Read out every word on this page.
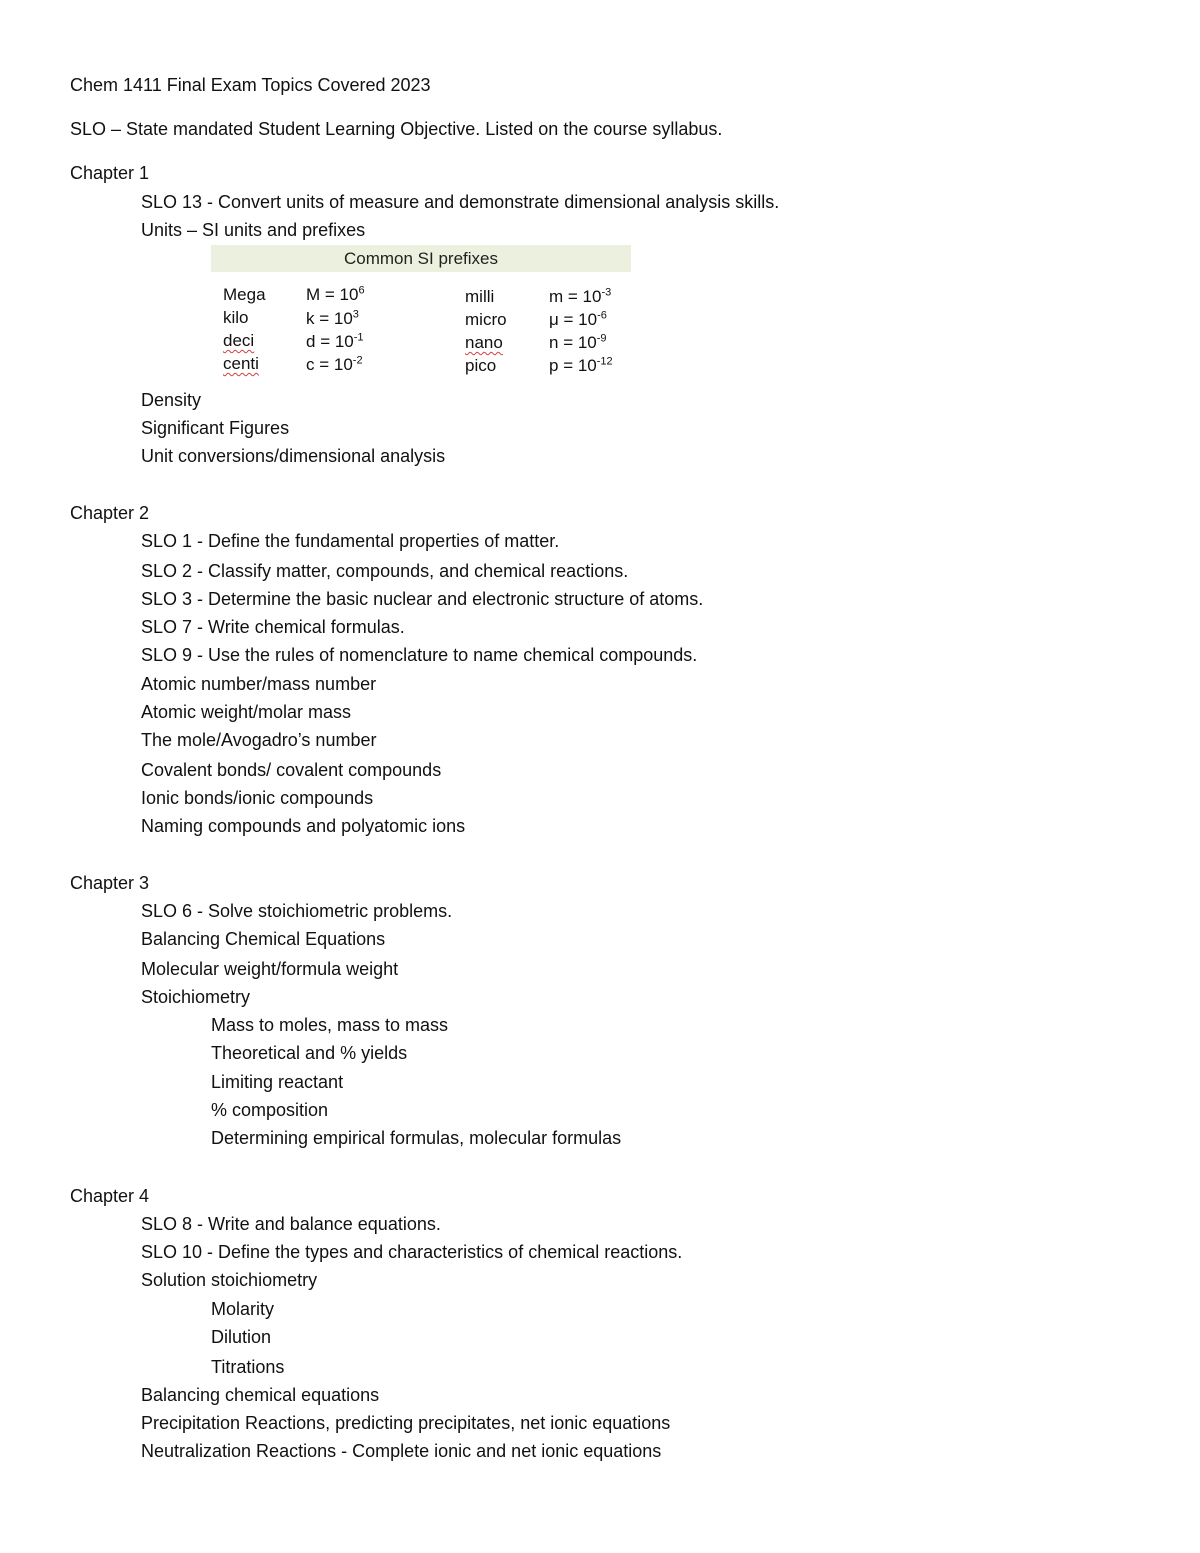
Chem 1411 Final Exam Topics Covered 2023
SLO – State mandated Student Learning Objective. Listed on the course syllabus.
Chapter 1
SLO 13 - Convert units of measure and demonstrate dimensional analysis skills.
Units – SI units and prefixes
Common SI prefixes
Mega $M = 10^6$	milli	$m = 10^{-3}$
kilo	$k = 10^3$	micro $\mu = 10^{-6}$
deci	$d = 10^{-1}$	nano	$n = 10^{-9}$
centi	$c = 10^{-2}$	pico	$p = 10^{-12}$
Density
Significant Figures
Unit conversions/dimensional analysis
Chapter 2
SLO 1 - Define the fundamental properties of matter.
SLO 2 - Classify matter, compounds, and chemical reactions.
SLO 3 - Determine the basic nuclear and electronic structure of atoms.
SLO 7 - Write chemical formulas.
SLO 9 - Use the rules of nomenclature to name chemical compounds.
Atomic number/mass number
Atomic weight/molar mass
The mole/Avogadro’s number
Covalent bonds/ covalent compounds
Ionic bonds/ionic compounds
Naming compounds and polyatomic ions
Chapter 3
SLO 6 - Solve stoichiometric problems.
Balancing Chemical Equations
Molecular weight/formula weight
Stoichiometry
Mass to moles, mass to mass
Theoretical and % yields
Limiting reactant
% composition
Determining empirical formulas, molecular formulas
Chapter 4
SLO 8 - Write and balance equations.
SLO 10 - Define the types and characteristics of chemical reactions.
Solution stoichiometry
Molarity
Dilution
Titrations
Balancing chemical equations
Precipitation Reactions, predicting precipitates, net ionic equations
Neutralization Reactions - Complete ionic and net ionic equations
